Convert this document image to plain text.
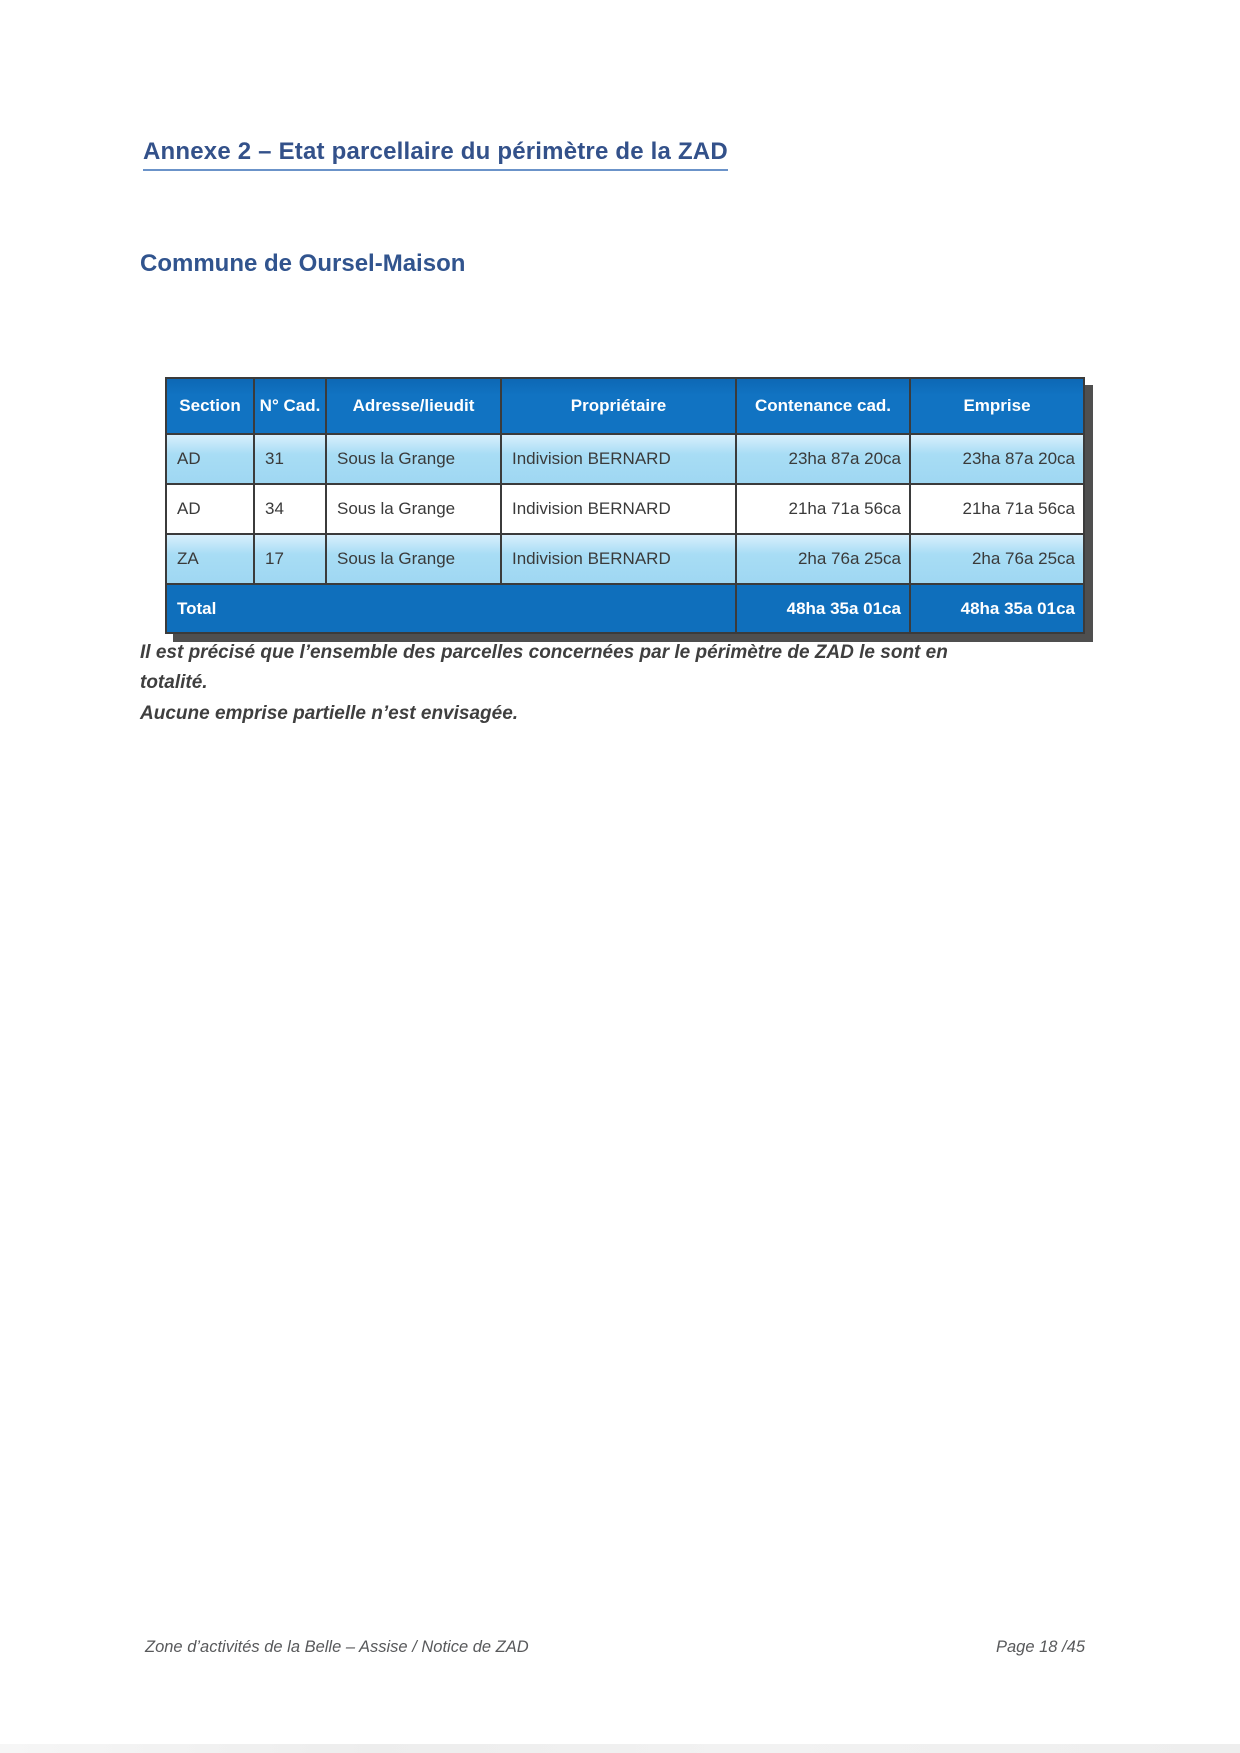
Annexe 2 – Etat parcellaire du périmètre de la ZAD
Commune de Oursel-Maison
Section	N° Cad.	Adresse/lieudit	Propriétaire	Contenance cad.	Emprise
AD	31	Sous la Grange	Indivision BERNARD	23ha 87a 20ca	23ha 87a 20ca
AD	34	Sous la Grange	Indivision BERNARD	21ha 71a 56ca	21ha 71a 56ca
ZA	17	Sous la Grange	Indivision BERNARD	2ha 76a 25ca	2ha 76a 25ca
Total				48ha 35a 01ca	48ha 35a 01ca

Il est précisé que l’ensemble des parcelles concernées par le périmètre de ZAD le sont en totalité.
Aucune emprise partielle n’est envisagée.

Zone d’activités de la Belle – Assise / Notice de ZAD	Page 18 /45
